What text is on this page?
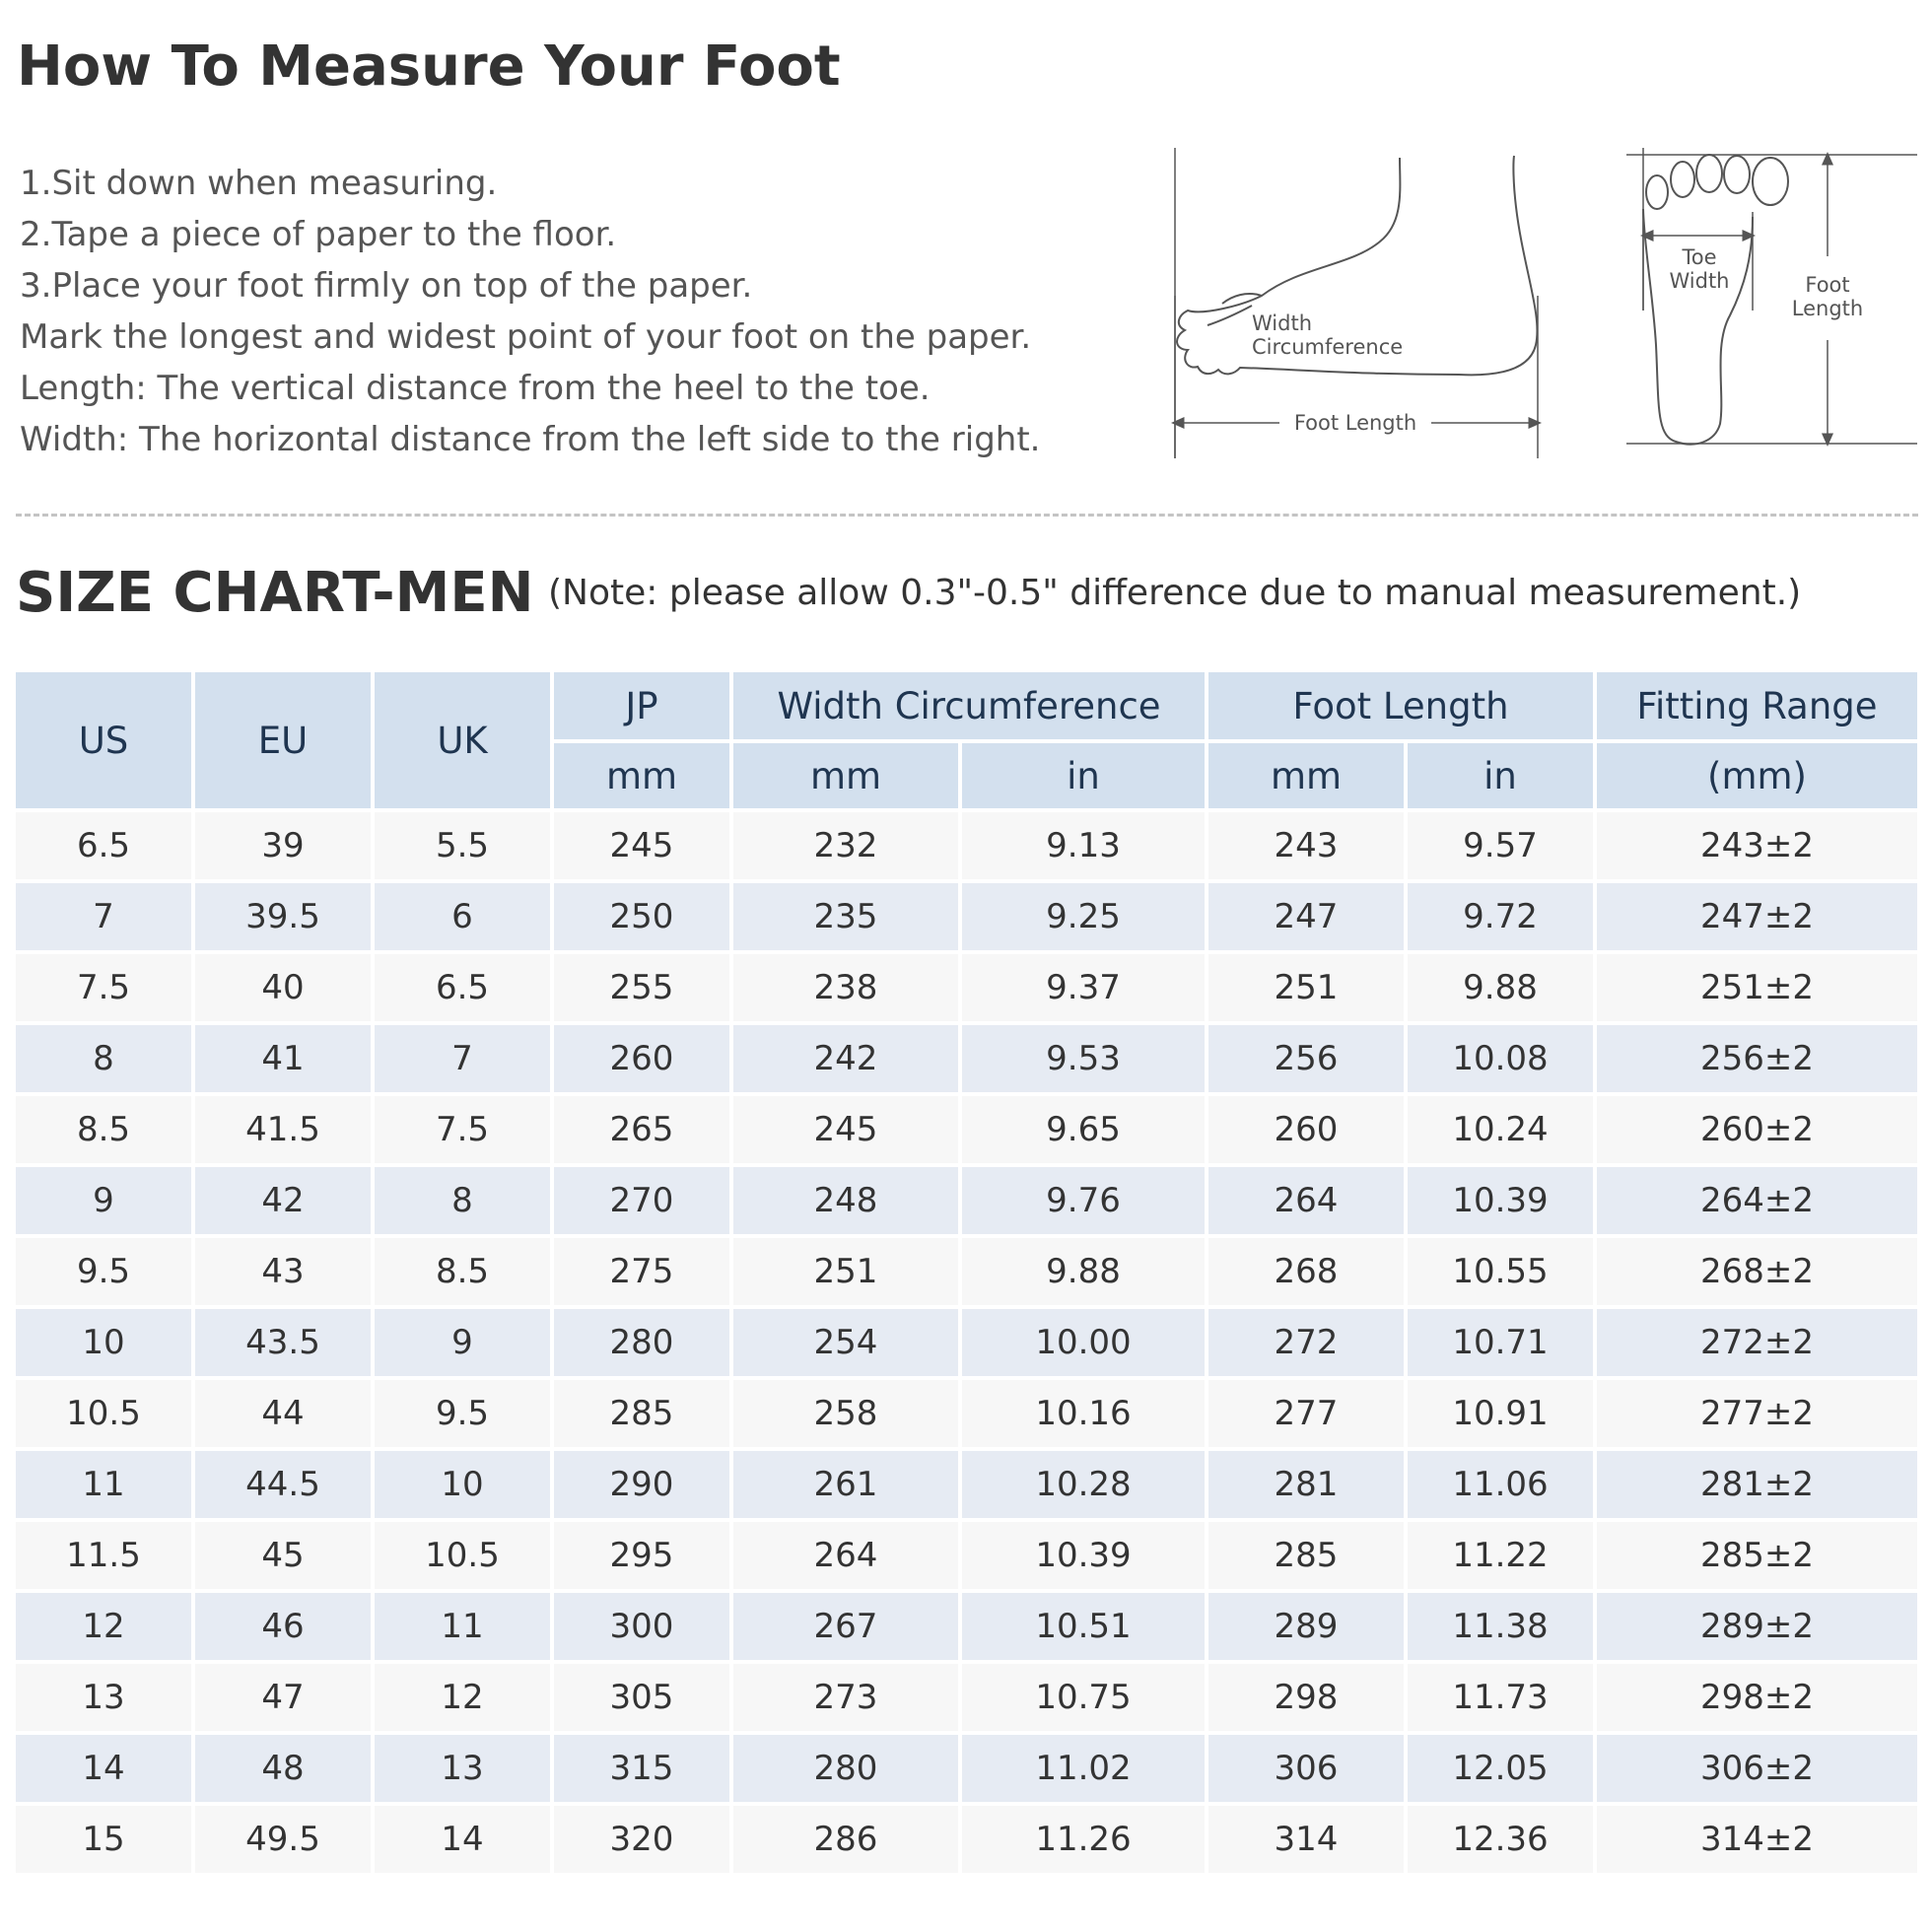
How To Measure Your Foot
1.Sit down when measuring.
2.Tape a piece of paper to the floor.
3.Place your foot firmly on top of the paper.
Mark the longest and widest point of your foot on the paper.
Length: The vertical distance from the heel to the toe.
Width: The horizontal distance from the left side to the right.	Foot Length
Width
Circumference
Toe
Width	Foot
Length
SIZE CHART-MEN (Note: please allow 0.3"-0.5" difference due to manual measurement.)
US	EU	UK	JP	Width Circumference		Foot Length		Fitting Range
			mm	mm	in	mm	in	(mm)
6.5	39	5.5	245	232	9.13	243	9.57	243±2
7	39.5	6	250	235	9.25	247	9.72	247±2
7.5	40	6.5	255	238	9.37	251	9.88	251±2
8	41	7	260	242	9.53	256	10.08	256±2
8.5	41.5	7.5	265	245	9.65	260	10.24	260±2
9	42	8	270	248	9.76	264	10.39	264±2
9.5	43	8.5	275	251	9.88	268	10.55	268±2
10	43.5	9	280	254	10.00	272	10.71	272±2
10.5	44	9.5	285	258	10.16	277	10.91	277±2
11	44.5	10	290	261	10.28	281	11.06	281±2
11.5	45	10.5	295	264	10.39	285	11.22	285±2
12	46	11	300	267	10.51	289	11.38	289±2
13	47	12	305	273	10.75	298	11.73	298±2
14	48	13	315	280	11.02	306	12.05	306±2
15	49.5	14	320	286	11.26	314	12.36	314±2
